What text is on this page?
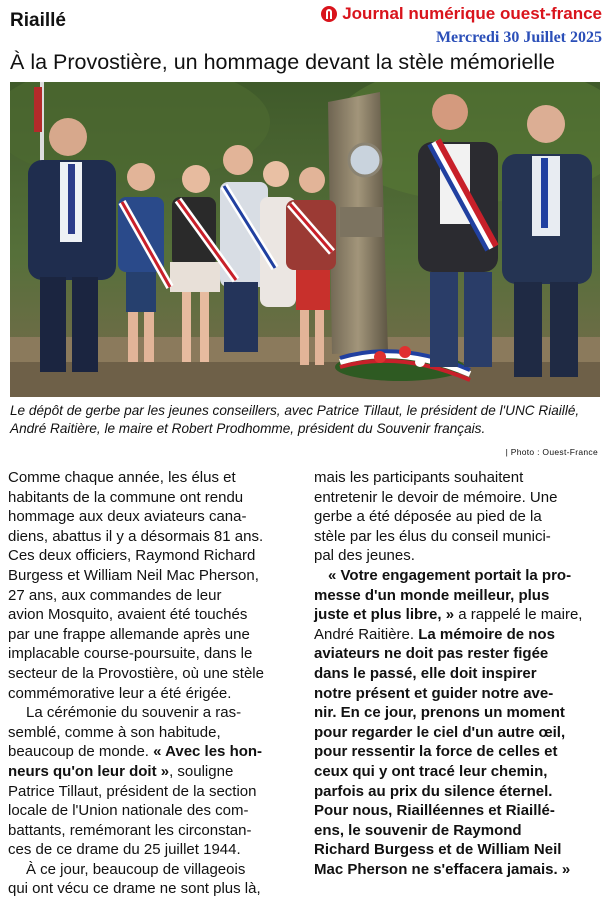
Riaillé	Journal numérique ouest-france
Mercredi 30 Juillet 2025
À la Provostière, un hommage devant la stèle mémorielle
Le dépôt de gerbe par les jeunes conseillers, avec Patrice Tillaut, le président de l'UNC Riaillé, André Raitière, le maire et Robert Prodhomme, président du Souvenir français.
| Photo : Ouest-France

Comme chaque année, les élus et
habitants de la commune ont rendu
hommage aux deux aviateurs cana-
diens, abattus il y a désormais 81 ans.
Ces deux officiers, Raymond Richard
Burgess et William Neil Mac Pherson,
27 ans, aux commandes de leur
avion Mosquito, avaient été touchés
par une frappe allemande après une
implacable course-poursuite, dans le
secteur de la Provostière, où une stèle
commémorative leur a été érigée.

La cérémonie du souvenir a ras-
semblé, comme à son habitude,
beaucoup de monde. « Avec les hon-
neurs qu'on leur doit », souligne
Patrice Tillaut, président de la section
locale de l'Union nationale des com-
battants, remémorant les circonstan-
ces de ce drame du 25 juillet 1944.

À ce jour, beaucoup de villageois
qui ont vécu ce drame ne sont plus là,

mais les participants souhaitent
entretenir le devoir de mémoire. Une
gerbe a été déposée au pied de la
stèle par les élus du conseil munici-
pal des jeunes.

« Votre engagement portait la pro-
messe d'un monde meilleur, plus
juste et plus libre, » a rappelé le maire,
André Raitière. La mémoire de nos
aviateurs ne doit pas rester figée
dans le passé, elle doit inspirer
notre présent et guider notre ave-
nir. En ce jour, prenons un moment
pour regarder le ciel d'un autre œil,
pour ressentir la force de celles et
ceux qui y ont tracé leur chemin,
parfois au prix du silence éternel.
Pour nous, Riailléennes et Riaillé-
ens, le souvenir de Raymond
Richard Burgess et de William Neil
Mac Pherson ne s'effacera jamais. »
